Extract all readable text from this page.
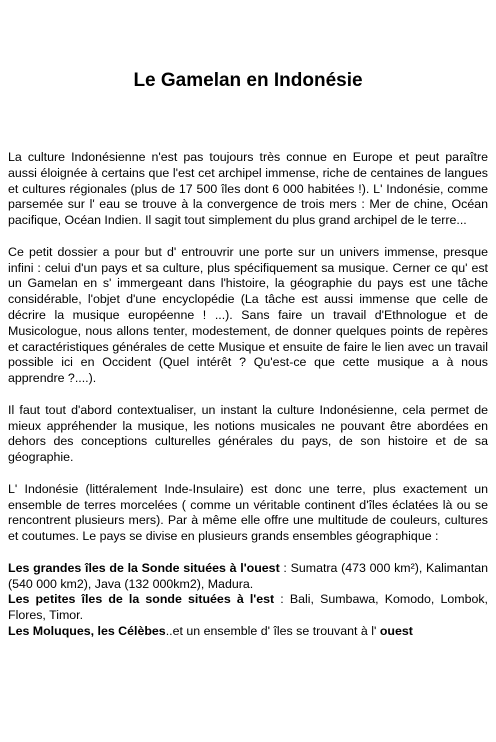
Le Gamelan en Indonésie

La culture Indonésienne n'est pas toujours très connue en Europe et peut paraître aussi éloignée à certains que l'est cet archipel immense, riche de centaines de langues et cultures régionales (plus de 17 500 îles dont 6 000 habitées !). L' Indonésie, comme parsemée sur l' eau se trouve à la convergence de trois mers : Mer de chine, Océan pacifique, Océan Indien. Il sagit tout simplement du plus grand archipel de le terre...

Ce petit dossier a pour but d' entrouvrir une porte sur un univers immense, presque infini : celui d'un pays et sa culture, plus spécifiquement sa musique. Cerner ce qu' est un Gamelan en s' immergeant dans l'histoire, la géographie du pays est une tâche considérable, l'objet d'une encyclopédie (La tâche est aussi immense que celle de décrire la musique européenne ! ...). Sans faire un travail d'Ethnologue et de Musicologue, nous allons tenter, modestement, de donner quelques points de repères et caractéristiques générales de cette Musique et ensuite de faire le lien avec un travail possible ici en Occident (Quel intérêt ? Qu'est-ce que cette musique a à nous apprendre ?....).

Il faut tout d'abord contextualiser, un instant la culture Indonésienne, cela permet de mieux appréhender la musique, les notions musicales ne pouvant être abordées en dehors des conceptions culturelles générales du pays, de son histoire et de sa géographie.

L' Indonésie (littéralement Inde-Insulaire) est donc une terre, plus exactement un ensemble de terres morcelées ( comme un véritable continent d'îles éclatées là ou se rencontrent plusieurs mers). Par à même elle offre une multitude de couleurs, cultures et coutumes. Le pays se divise en plusieurs grands ensembles géographique :

Les grandes îles de la Sonde situées à l'ouest : Sumatra (473 000 km²), Kalimantan (540 000 km2), Java (132 000km2), Madura.

Les petites îles de la sonde situées à l'est : Bali, Sumbawa, Komodo, Lombok, Flores, Timor.

Les Moluques, les Célèbes..et un ensemble d' îles se trouvant à l' ouest
